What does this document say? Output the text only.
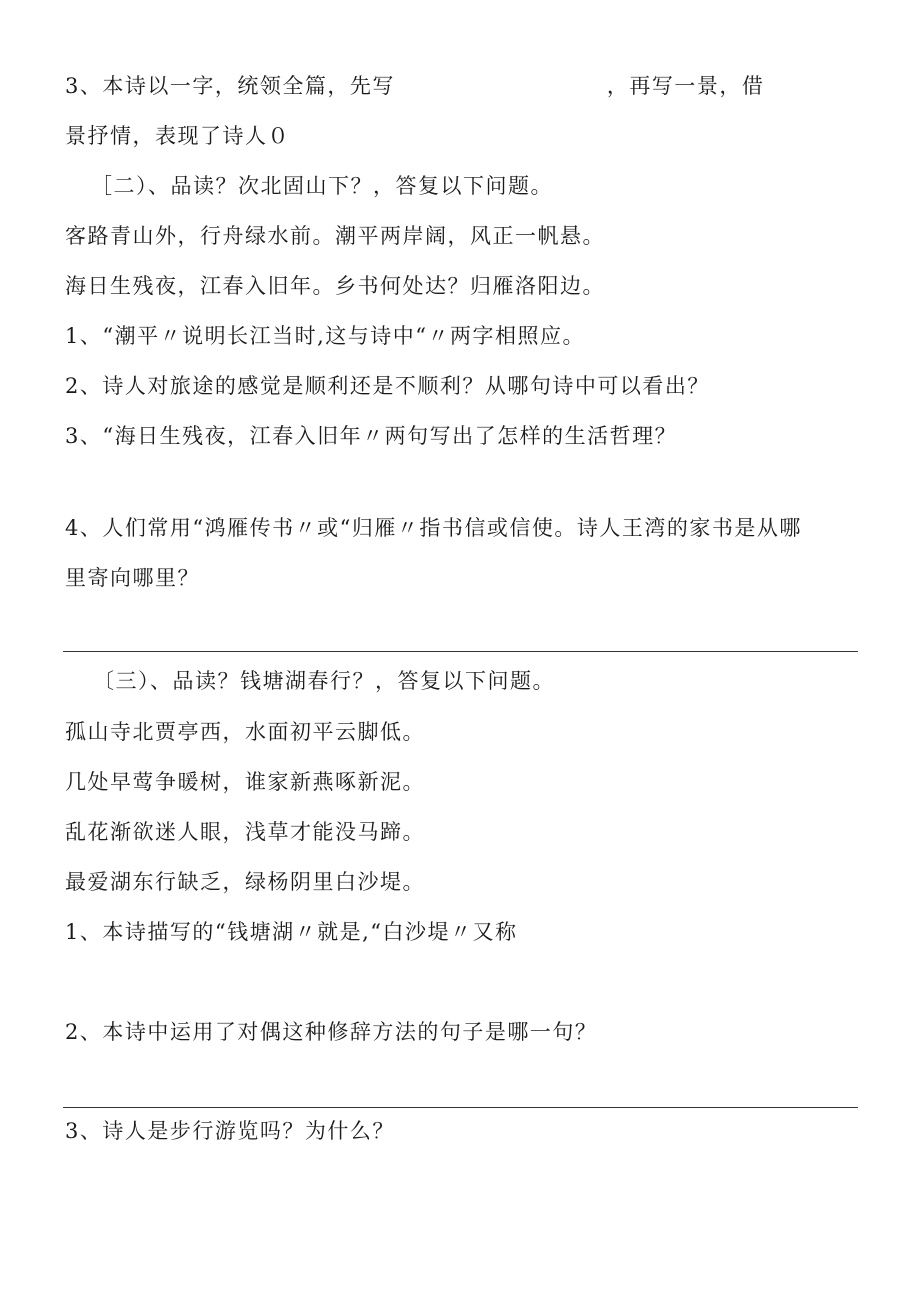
3、本诗以一字，统领全篇，先写	，再写一景，借
景抒情，表现了诗人０
［二）、品读？次北固山下？，答复以下问题。
客路青山外，行舟绿水前。潮平两岸阔，风正一帆悬。
海日生残夜，江春入旧年。乡书何处达？归雁洛阳边。
1、“潮平〃说明长江当时,这与诗中“〃两字相照应。
2、诗人对旅途的感觉是顺利还是不顺利？从哪句诗中可以看出？
3、“海日生残夜，江春入旧年〃两句写出了怎样的生活哲理？
4、人们常用“鸿雁传书〃或“归雁〃指书信或信使。诗人王湾的家书是从哪
里寄向哪里？
〔三）、品读？钱塘湖春行？，答复以下问题。
孤山寺北贾亭西，水面初平云脚低。
几处早莺争暖树，谁家新燕啄新泥。
乱花渐欲迷人眼，浅草才能没马蹄。
最爱湖东行缺乏，绿杨阴里白沙堤。
1、本诗描写的“钱塘湖〃就是,“白沙堤〃又称
2、本诗中运用了对偶这种修辞方法的句子是哪一句？
3、诗人是步行游览吗？为什么？
